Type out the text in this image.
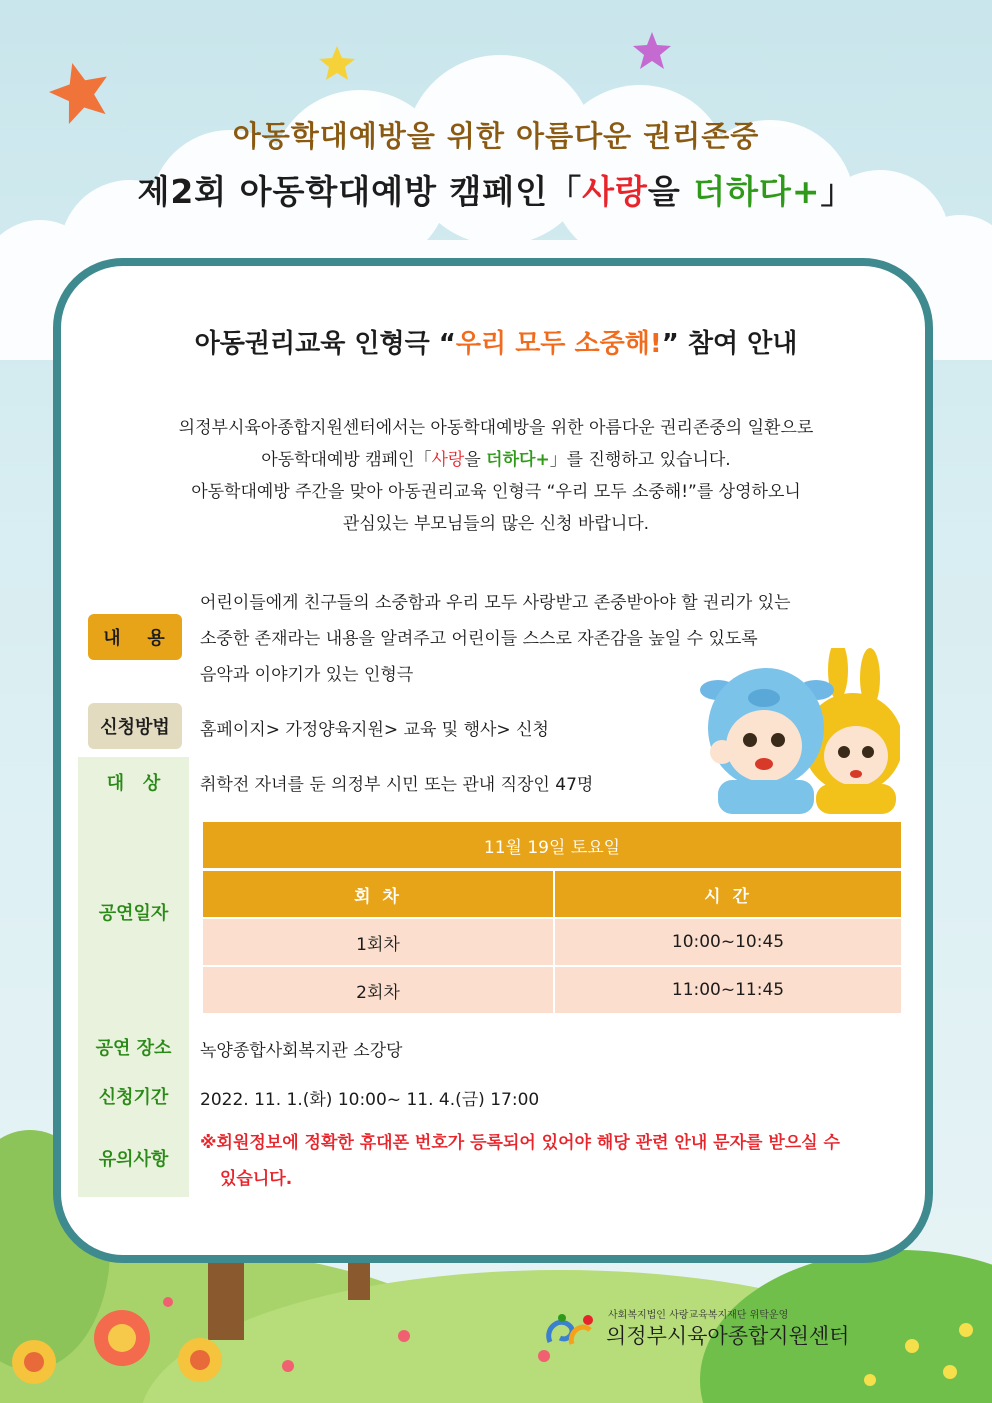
아동학대예방을 위한 아름다운 권리존중
제2회 아동학대예방 캠페인「사랑을 더하다+」
아동권리교육 인형극 “우리 모두 소중해!” 참여 안내
의정부시육아종합지원센터에서는 아동학대예방을 위한 아름다운 권리존중의 일환으로
아동학대예방 캠페인「사랑을 더하다+」를 진행하고 있습니다.
아동학대예방 주간을 맞아 아동권리교육 인형극 “우리 모두 소중해!”를 상영하오니
관심있는 부모님들의 많은 신청 바랍니다.
내   용
어린이들에게 친구들의 소중함과 우리 모두 사랑받고 존중받아야 할 권리가 있는
소중한 존재라는 내용을 알려주고 어린이들 스스로 자존감을 높일 수 있도록
음악과 이야기가 있는 인형극
신청방법	홈페이지> 가정양육지원> 교육 및 행사> 신청
대   상	취학전 자녀를 둔 의정부 시민 또는 관내 직장인 47명
공연일자
11월 19일 토요일	
회 차	시 간
1회차	10:00~10:45
2회차	11:00~11:45
공연 장소	녹양종합사회복지관 소강당
신청기간	2022. 11. 1.(화) 10:00~ 11. 4.(금) 17:00
유의사항
※회원정보에 정확한 휴대폰 번호가 등록되어 있어야 해당 관련 안내 문자를 받으실 수
있습니다.
사회복지법인 사랑교육복지재단 위탁운영
의정부시육아종합지원센터
